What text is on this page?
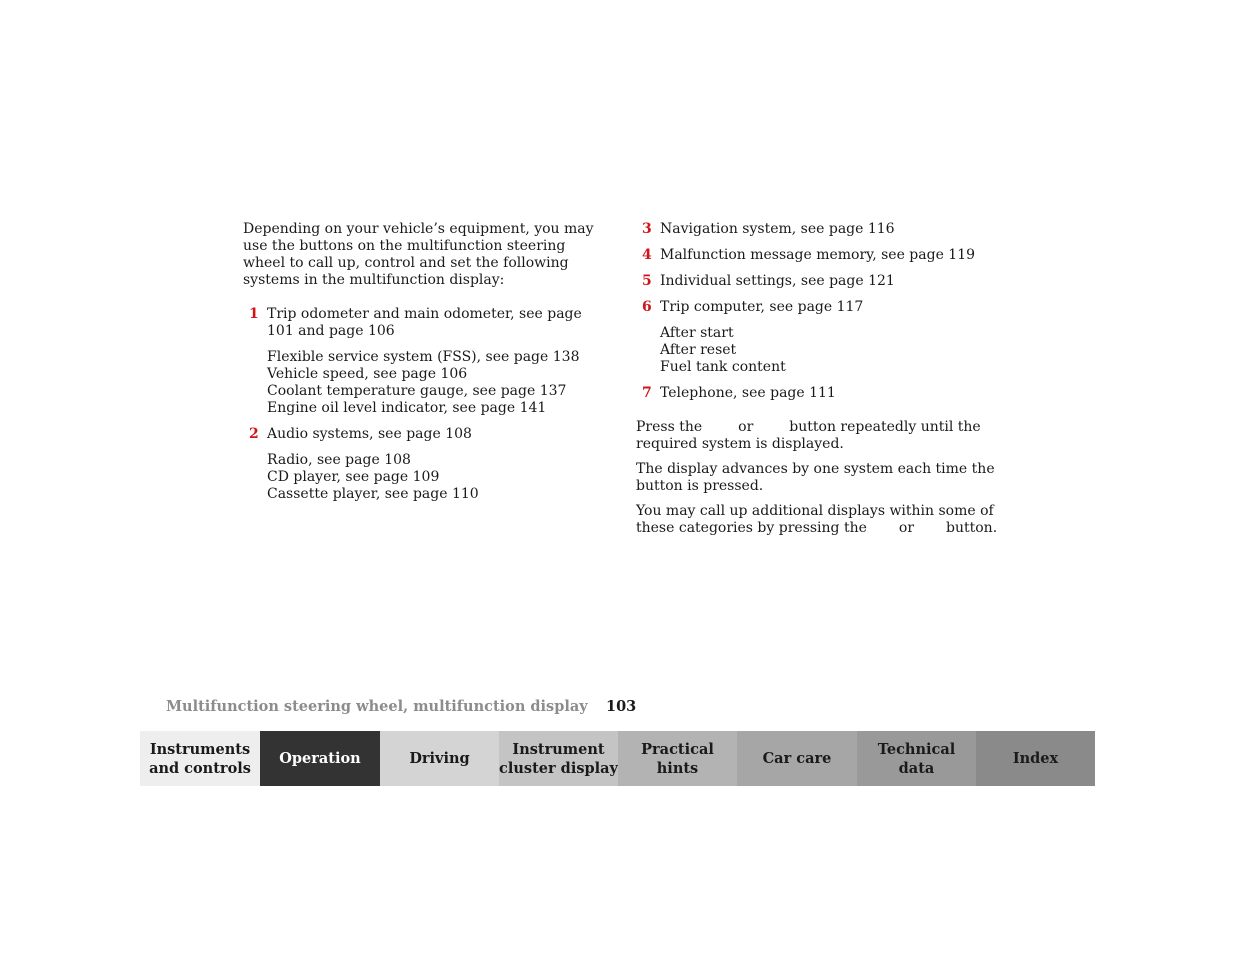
Depending on your vehicle’s equipment, you may use the buttons on the multifunction steering wheel to call up, control and set the following systems in the multifunction display:

1 Trip odometer and main odometer, see page 101 and page 106
Flexible service system (FSS), see page 138
Vehicle speed, see page 106
Coolant temperature gauge, see page 137
Engine oil level indicator, see page 141
2 Audio systems, see page 108
Radio, see page 108
CD player, see page 109
Cassette player, see page 110
3 Navigation system, see page 116
4 Malfunction message memory, see page 119
5 Individual settings, see page 121
6 Trip computer, see page 117
After start
After reset
Fuel tank content
7 Telephone, see page 111

Press the	or	button repeatedly until the required system is displayed.

The display advances by one system each time the button is pressed.

You may call up additional displays within some of these categories by pressing the or button.

Multifunction steering wheel, multifunction display 103
Instruments
and controls
Operation	Driving
Instrument
cluster display
Practical hints
Car care
Technical
data
Index
